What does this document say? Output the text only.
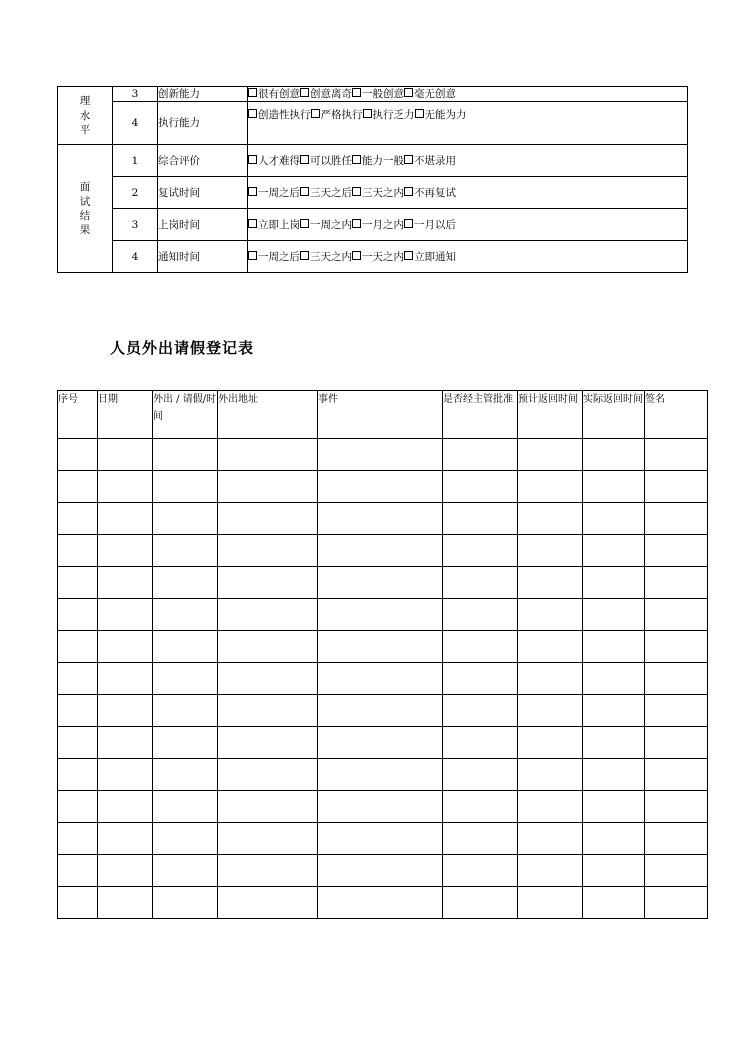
理
水
平	3	创新能力	很有创意 创意离奇 一般创意 毫无创意
	4	执行能力	创造性执行 严格执行 执行乏力 无能为力

面
试
结
果	1	综合评价	人才难得 可以胜任 能力一般 不堪录用
	2	复试时间	一周之后 三天之后 三天之内 不再复试
	3	上岗时间	立即上岗 一周之内 一月之内 一月以后
	4	通知时间	一周之后 三天之内 一天之内 立即通知
人员外出请假登记表
序号	日期	外出 / 请假/时间	外出地址	事件	是否经主管批准	预计返回时间	实际返回时间	签名
